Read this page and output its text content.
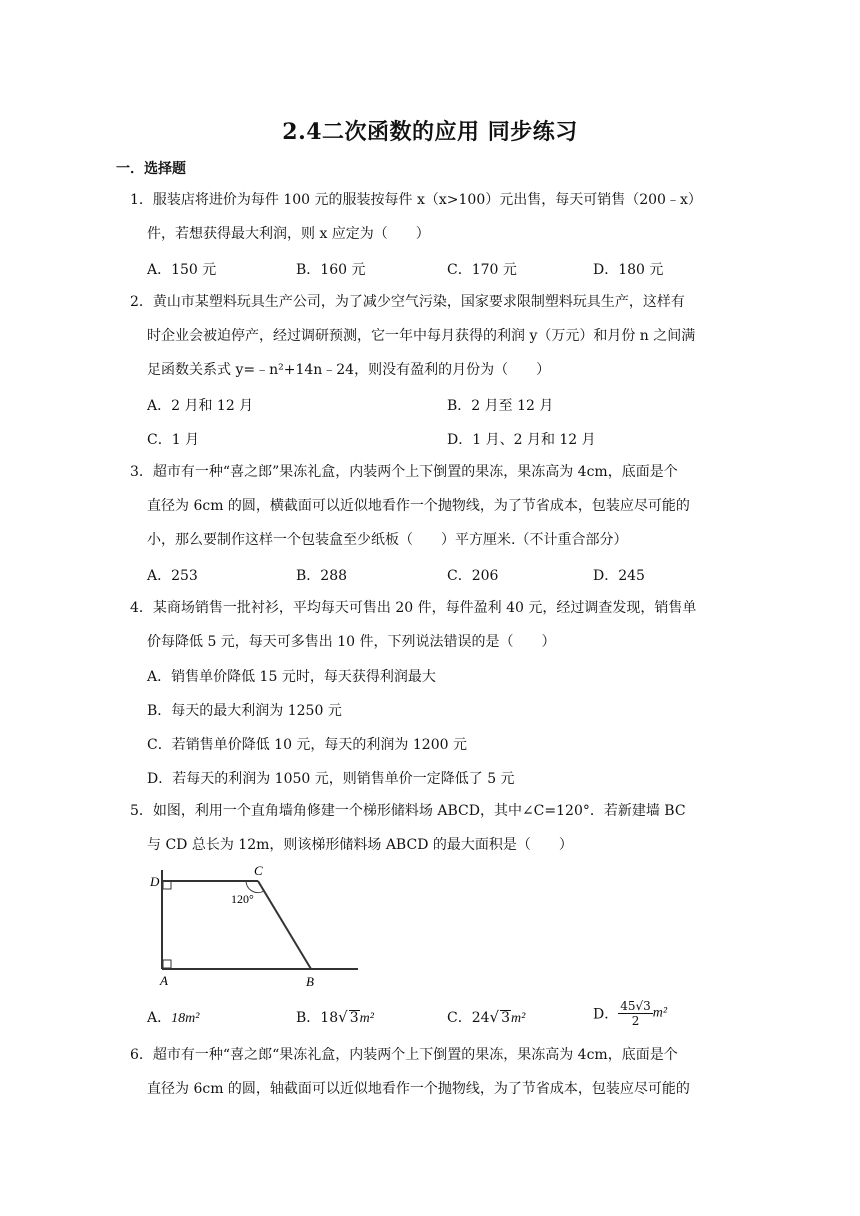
2.4二次函数的应用 同步练习
一．选择题
1．服装店将进价为每件 100 元的服装按每件 x（x>100）元出售，每天可销售（200﹣x）
件，若想获得最大利润，则 x 应定为（　　）
A．150 元	B．160 元	C．170 元	D．180 元
2．黄山市某塑料玩具生产公司，为了减少空气污染，国家要求限制塑料玩具生产，这样有
时企业会被迫停产，经过调研预测，它一年中每月获得的利润 y（万元）和月份 n 之间满
足函数关系式 y=﹣n²+14n﹣24，则没有盈利的月份为（　　）
A．2 月和 12 月	B．2 月至 12 月
C．1 月	D．1 月、2 月和 12 月
3．超市有一种“喜之郎”果冻礼盒，内装两个上下倒置的果冻，果冻高为 4cm，底面是个
直径为 6cm 的圆，横截面可以近似地看作一个抛物线，为了节省成本，包装应尽可能的
小，那么要制作这样一个包装盒至少纸板（　　）平方厘米.（不计重合部分）
A．253	B．288	C．206	D．245
4．某商场销售一批衬衫，平均每天可售出 20 件，每件盈利 40 元，经过调查发现，销售单
价每降低 5 元，每天可多售出 10 件，下列说法错误的是（　　）
A．销售单价降低 15 元时，每天获得利润最大
B．每天的最大利润为 1250 元
C．若销售单价降低 10 元，每天的利润为 1200 元
D．若每天的利润为 1050 元，则销售单价一定降低了 5 元
5．如图，利用一个直角墙角修建一个梯形储料场 ABCD，其中∠C=120°．若新建墙 BC
与 CD 总长为 12m，则该梯形储料场 ABCD 的最大面积是（　　）
D
C
A	B
120°
A．18m²	B．18√ 3m²	C．24√ 3m²	D． $\frac{45√3}{2} m^2$
6．超市有一种“喜之郎“果冻礼盒，内装两个上下倒置的果冻，果冻高为 4cm，底面是个
直径为 6cm 的圆，轴截面可以近似地看作一个抛物线，为了节省成本，包装应尽可能的
